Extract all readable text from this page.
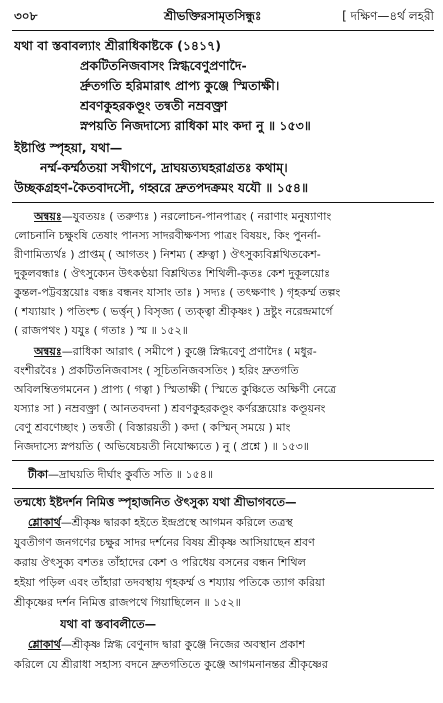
৩০৮	শ্রীভক্তিরসামৃতসিন্ধুঃ	[ দক্ষিণ—৪র্থ লহরী
যথা বা স্তবাবল্যাং শ্রীরাধিকাষ্টকে (১৪১৭)
প্রকটিতনিজবাসং স্নিগ্ধবেণুপ্রণাদৈ-
র্দ্রুতগতি হরিমারাৎ প্রাপ্য কুঞ্জে স্মিতাক্ষী।
শ্রবণকুহরকণ্ডূং তন্বতী নম্রবক্ত্রা
স্নপয়তি নিজদাস্যে রাধিকা মাং কদা নু ॥ ১৫৩॥
ইষ্টাপ্তি স্পৃহয়া, যথা—
নর্ম্ম-কর্ম্মঠতয়া সখীগণে, দ্রাঘয়ত্যঘহরাগ্রতঃ কথাম্।
উচ্ছকগ্রহণ-কৈতবাদসৌ, গহ্বরে দ্রুতপদক্রমং যযৌ ॥ ১৫৪॥
অন্বয়ঃ—যুবতয়ঃ ( তরুণ্যঃ ) নরলোচন-পানপাত্রং ( নরাণাং মনুষ্যাণাং
লোচনানি চক্ষুংষি তেষাং পানস্য সাদরবীক্ষণস্য পাত্রং বিষয়ং, কিং পুনর্না-
রীণামিত্যর্থঃ ) প্রাপ্তম্ ( আগতং ) নিশম্য ( শ্রুত্বা ) ঔৎসুক্যবিশ্লথিতকেশ-
দুকূলবন্ধাঃ ( ঔৎসুক্যেন উৎকণ্ঠয়া বিশ্লথিতঃ শিথিলী-কৃতঃ কেশ দুকূলয়োঃ
কুন্তল-পট্টবস্ত্রয়োঃ বন্ধঃ বন্ধনং যাসাং তাঃ ) সদ্যঃ ( তৎক্ষণাৎ ) গৃহকর্ম্ম তল্পং
( শয্যায়াং ) পতিংশ্চ ( ভর্ত্তৃন্ ) বিসৃজ্য ( ত্যক্ত্বা শ্রীকৃষ্ণং ) দ্রষ্টুং নরেন্দ্রমার্গে
( রাজপথং ) যযুঃ ( গতাঃ ) স্ম ॥ ১৫২॥
অন্বয়ঃ—রাধিকা আরাৎ ( সমীপে ) কুঞ্জে স্নিগ্ধবেণু প্রণাদৈঃ ( মধুর-
বংশীরবৈঃ ) প্রকটিতনিজবাসং ( সূচিতনিজবসতিং ) হরিং দ্রুতগতি
অবিলম্বিতগমনেন ) প্রাপ্য ( গত্বা ) স্মিতাক্ষী ( স্মিতে কুঞ্চিতে অক্ষিণী নেত্রে
যস্যাঃ সা ) নম্রবক্ত্রা ( আনতবদনা ) শ্রবণকুহরকণ্ডূং কর্ণরন্ধ্রয়োঃ কণ্ডূয়নং
বেণু শ্রবণেচ্ছাং ) তন্বতী ( বিস্তারয়তী ) কদা ( কস্মিন্ সময়ে ) মাং
নিজদাস্যে স্নপয়তি ( অভিষেচয়তী নিযোক্ষ্যতে ) নু ( প্রশ্নে ) ॥ ১৫৩॥
টীকা—দ্রাঘয়তি দীর্ঘাং কুর্বতি সতি ॥ ১৫৪॥
তন্মধ্যে ইষ্টদর্শন নিমিত্ত স্পৃহাজনিত ঔৎসুক্য যথা শ্রীভাগবতে—
শ্লোকার্থ—শ্রীকৃষ্ণ দ্বারকা হইতে ইন্দ্রপ্রস্থে আগমন করিলে তত্রস্থ
যুবতীগণ জনগণের চক্ষুর সাদর দর্শনের বিষয় শ্রীকৃষ্ণ আসিয়াছেন শ্রবণ
করায় ঔৎসুক্য বশতঃ তাঁহাদের কেশ ও পরিধেয় বসনের বন্ধন শিথিল
হইয়া পড়িল এবং তাঁহারা তদবস্থায় গৃহকর্ম্ম ও শয্যায় পতিকে ত্যাগ করিয়া
শ্রীকৃষ্ণের দর্শন নিমিত্ত রাজপথে গিয়াছিলেন ॥ ১৫২॥
যথা বা স্তবাবলীতে—
শ্লোকার্থ—শ্রীকৃষ্ণ স্নিগ্ধ বেণুনাদ দ্বারা কুঞ্জে নিজের অবস্থান প্রকাশ
করিলে যে শ্রীরাধা সহাস্য বদনে দ্রুতগতিতে কুঞ্জে আগমনানন্তর শ্রীকৃষ্ণের
